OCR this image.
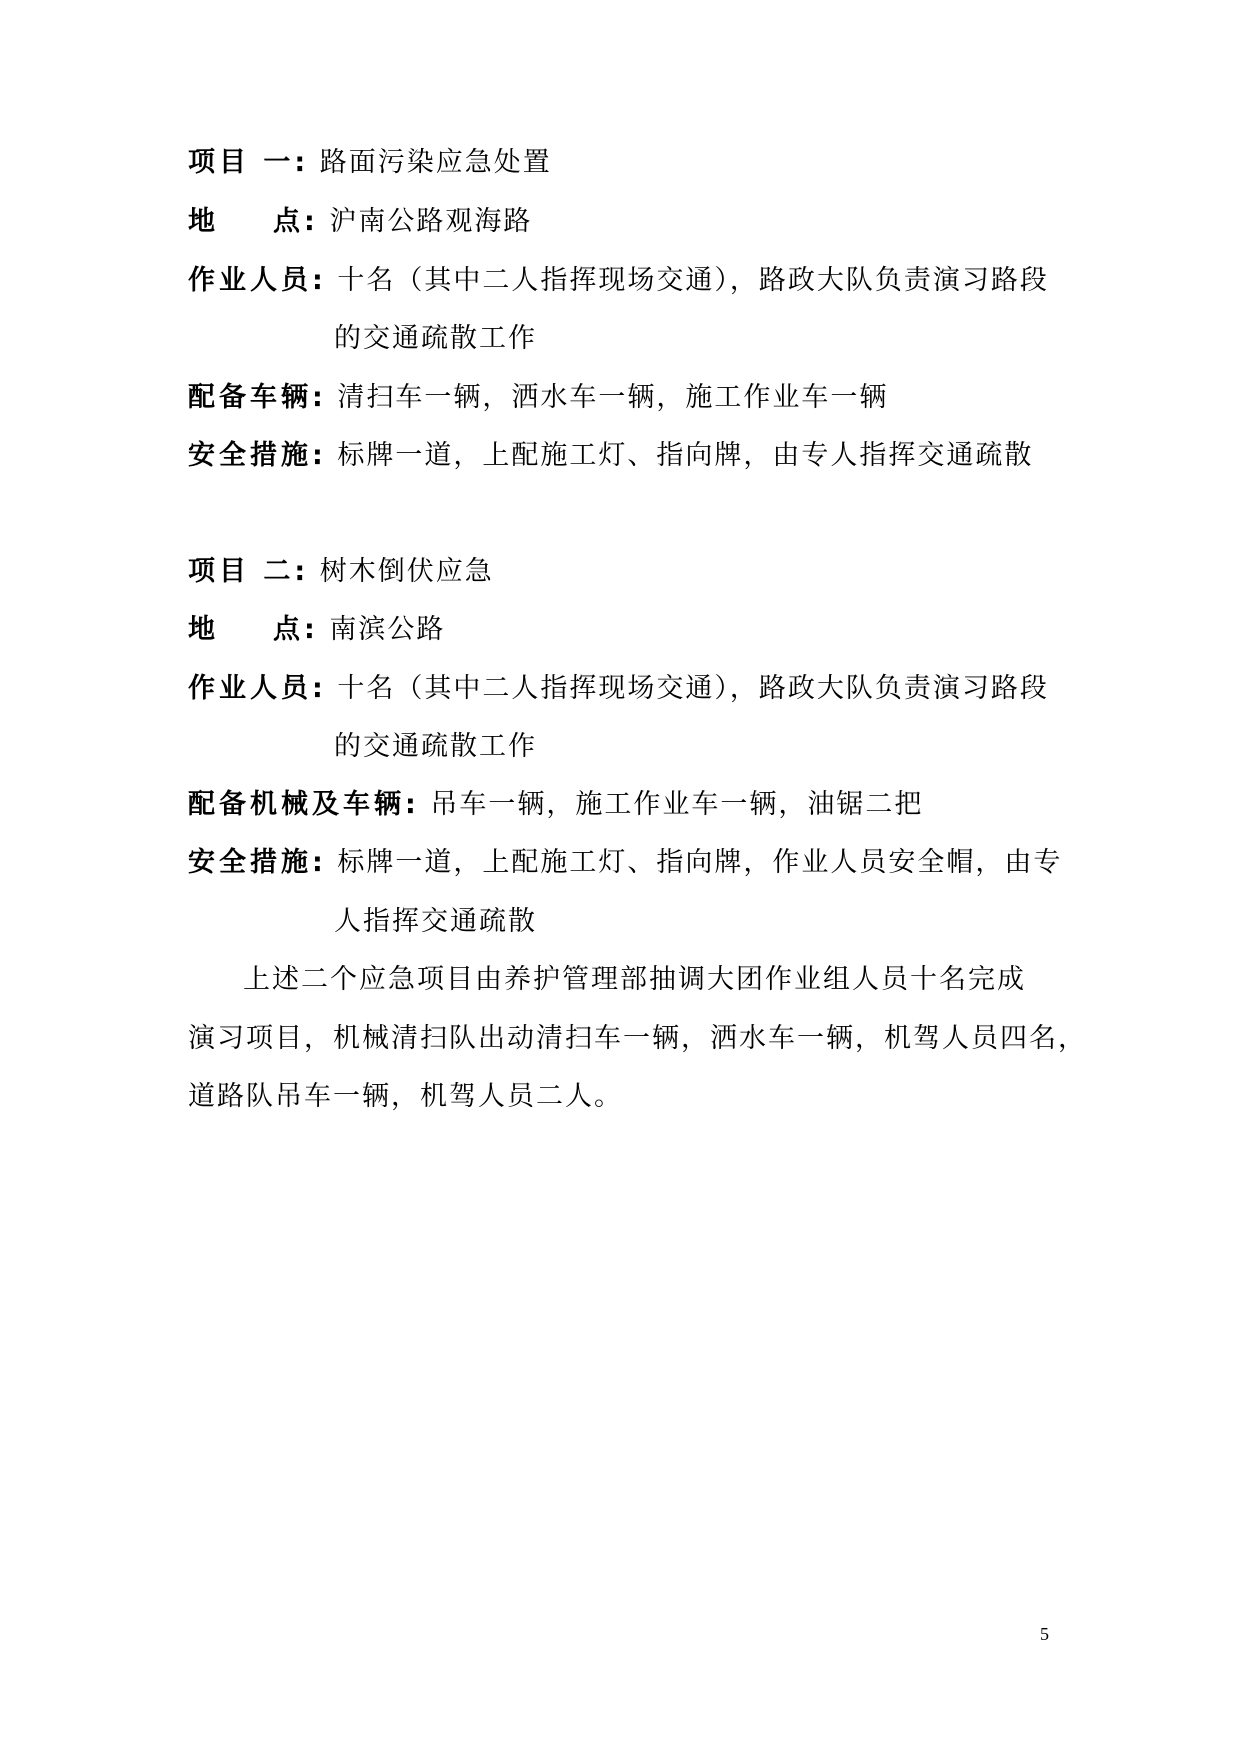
项目 一: 路面污染应急处置
地 点: 沪南公路观海路
作业人员: 十名（其中二人指挥现场交通），路政大队负责演习路段
的交通疏散工作
配备车辆: 清扫车一辆，洒水车一辆，施工作业车一辆
安全措施: 标牌一道，上配施工灯、指向牌，由专人指挥交通疏散
项目 二: 树木倒伏应急
地 点: 南滨公路
作业人员: 十名（其中二人指挥现场交通），路政大队负责演习路段
的交通疏散工作
配备机械及车辆: 吊车一辆，施工作业车一辆，油锯二把
安全措施: 标牌一道，上配施工灯、指向牌，作业人员安全帽，由专
人指挥交通疏散
上述二个应急项目由养护管理部抽调大团作业组人员十名完成
演习项目，机械清扫队出动清扫车一辆，洒水车一辆，机驾人员四名，
道路队吊车一辆，机驾人员二人。
5
